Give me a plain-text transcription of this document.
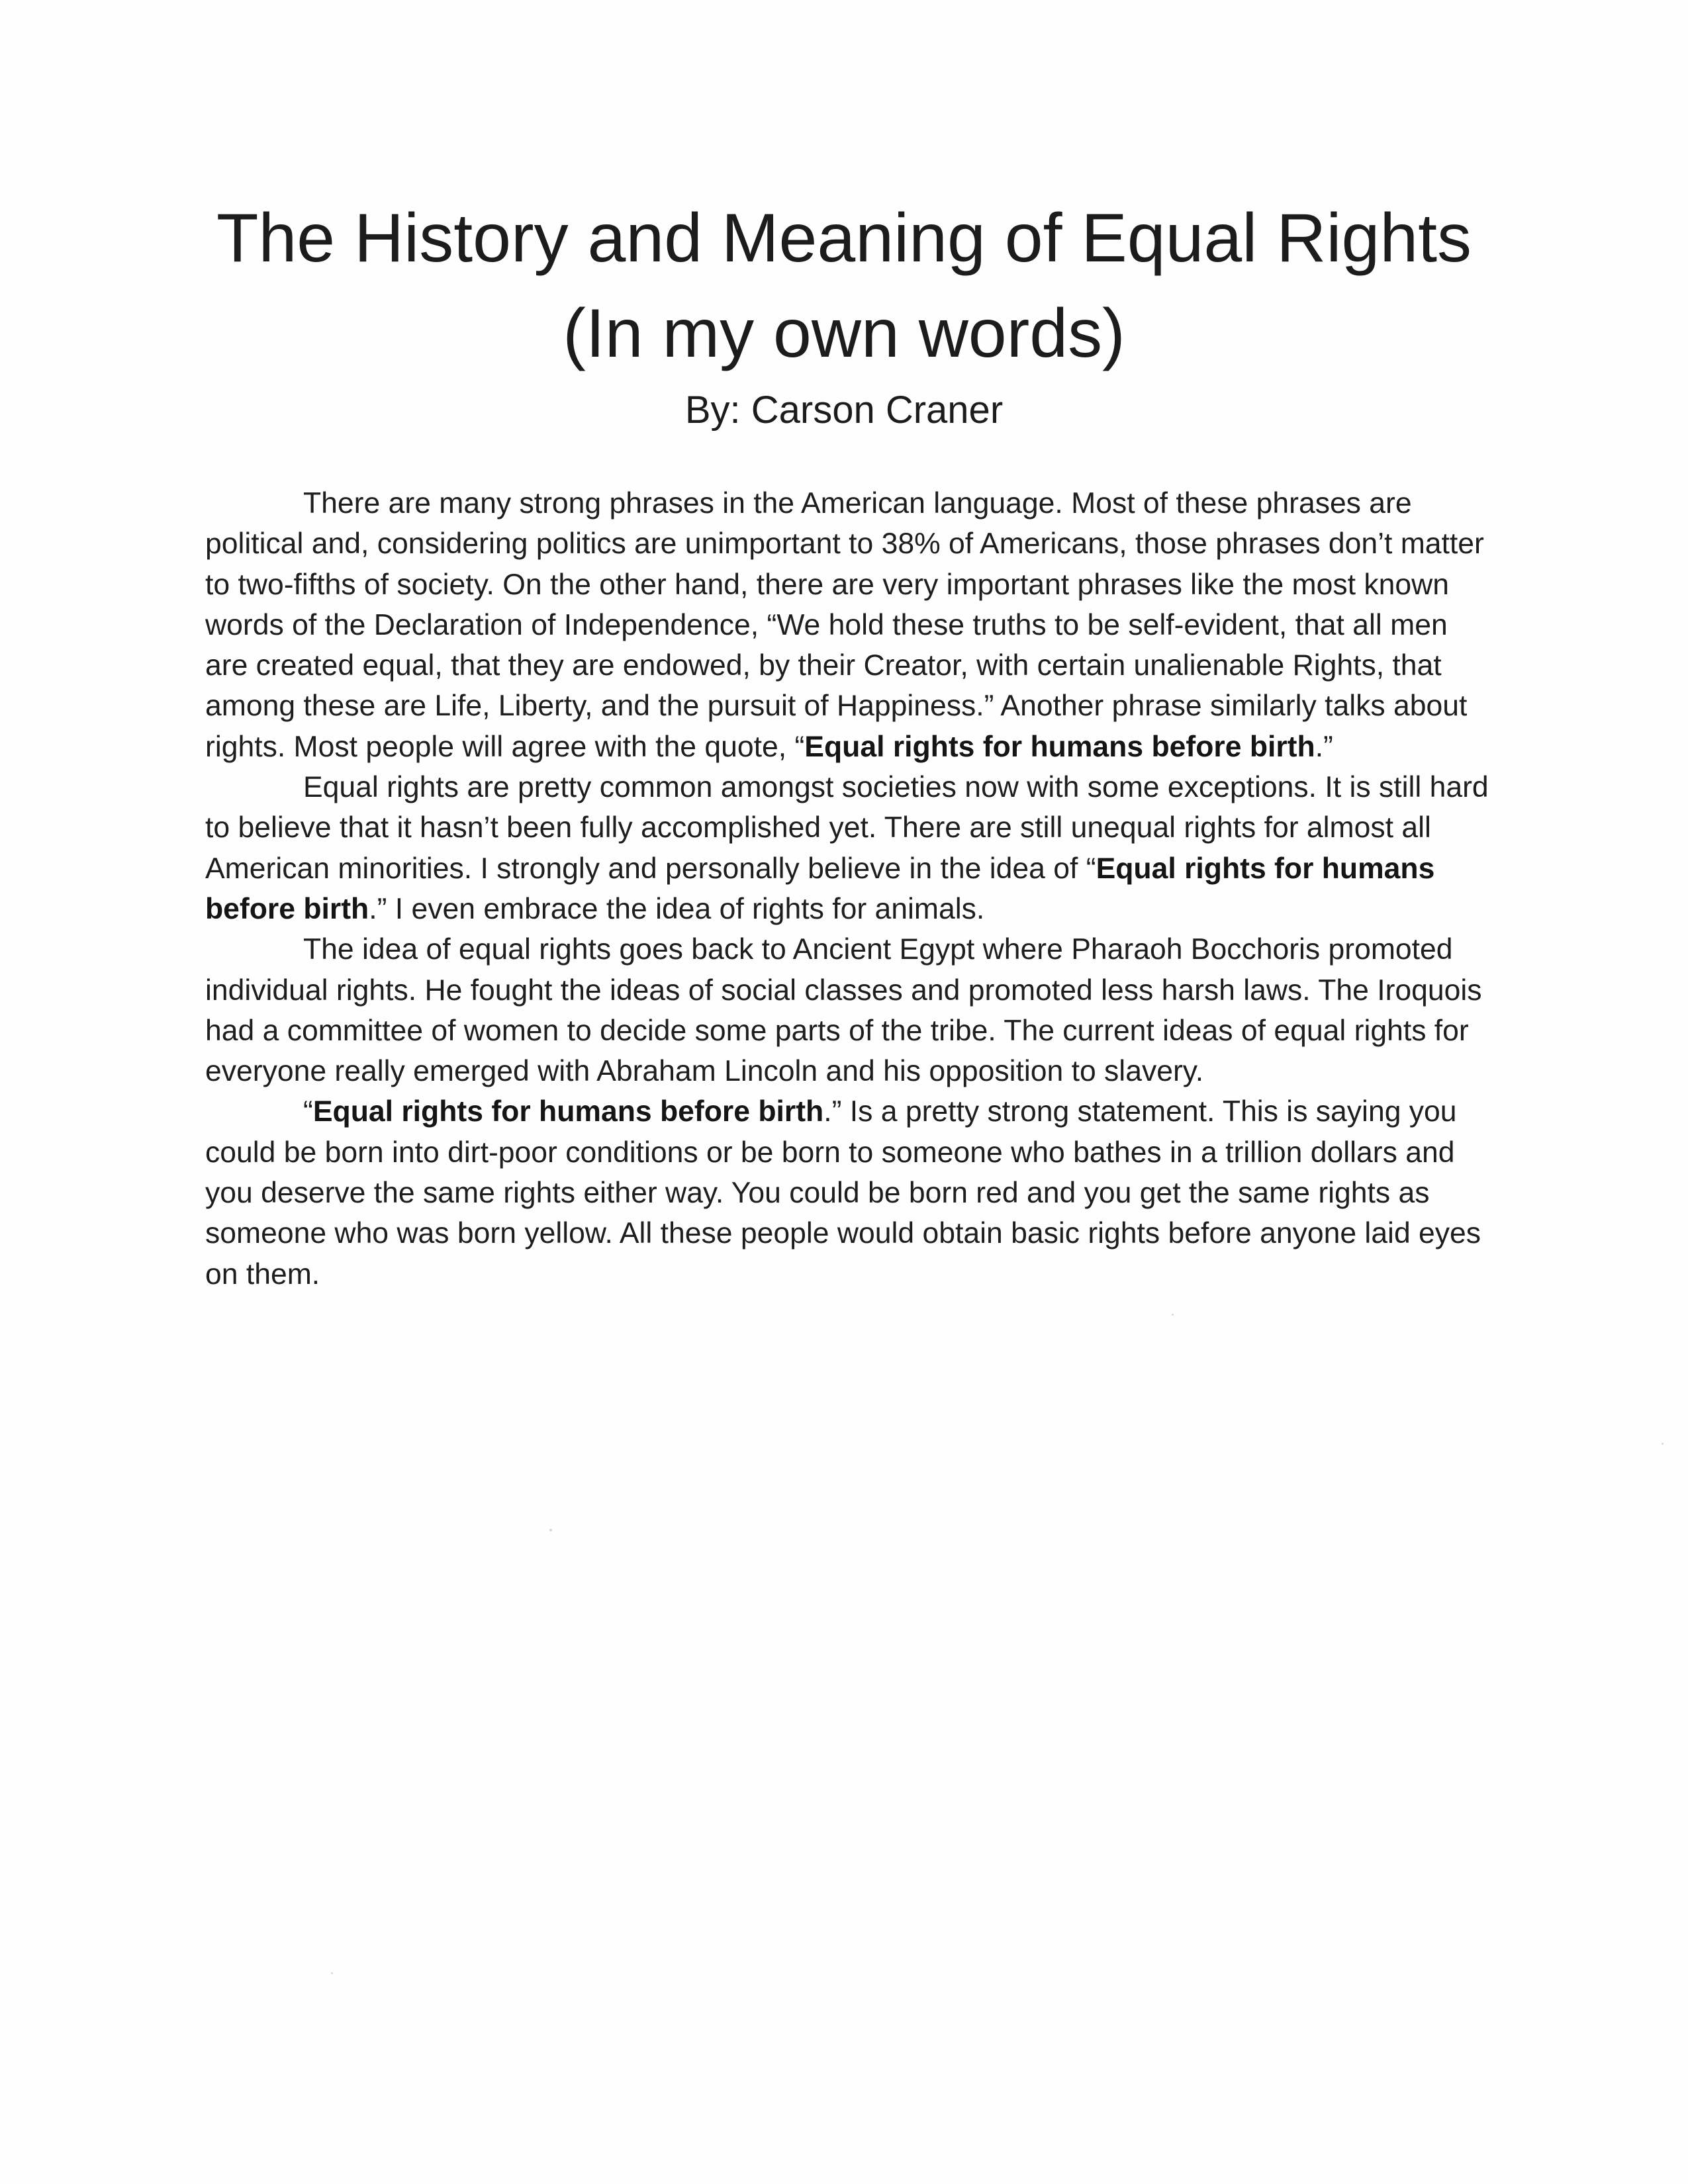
The History and Meaning of Equal Rights (In my own words)
By: Carson Craner

There are many strong phrases in the American language. Most of these phrases are political and, considering politics are unimportant to 38% of Americans, those phrases don’t matter to two-fifths of society. On the other hand, there are very important phrases like the most known words of the Declaration of Independence, “We hold these truths to be self-evident, that all men are created equal, that they are endowed, by their Creator, with certain unalienable Rights, that among these are Life, Liberty, and the pursuit of Happiness.” Another phrase similarly talks about rights. Most people will agree with the quote, “Equal rights for humans before birth.”

Equal rights are pretty common amongst societies now with some exceptions. It is still hard to believe that it hasn’t been fully accomplished yet. There are still unequal rights for almost all American minorities. I strongly and personally believe in the idea of “Equal rights for humans before birth.” I even embrace the idea of rights for animals.

The idea of equal rights goes back to Ancient Egypt where Pharaoh Bocchoris promoted individual rights. He fought the ideas of social classes and promoted less harsh laws. The Iroquois had a committee of women to decide some parts of the tribe. The current ideas of equal rights for everyone really emerged with Abraham Lincoln and his opposition to slavery.

“Equal rights for humans before birth.” Is a pretty strong statement. This is saying you could be born into dirt-poor conditions or be born to someone who bathes in a trillion dollars and you deserve the same rights either way. You could be born red and you get the same rights as someone who was born yellow. All these people would obtain basic rights before anyone laid eyes on them.
